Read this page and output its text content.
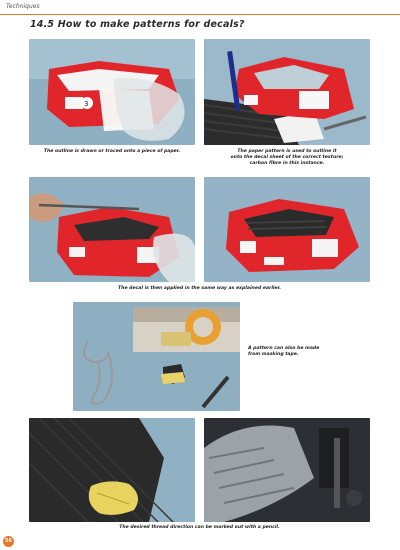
Techniques
14.5 How to make patterns for decals?
3
The outline is drawn or traced onto a piece of paper.	The paper pattern is used to outline it
onto the decal sheet of the correct texture;
carbon fibre in this instance.
The decal is then applied in the same way as explained earlier.
A pattern can also be made
from masking tape.
The desired thread direction can be marked out with a pencil.
56
